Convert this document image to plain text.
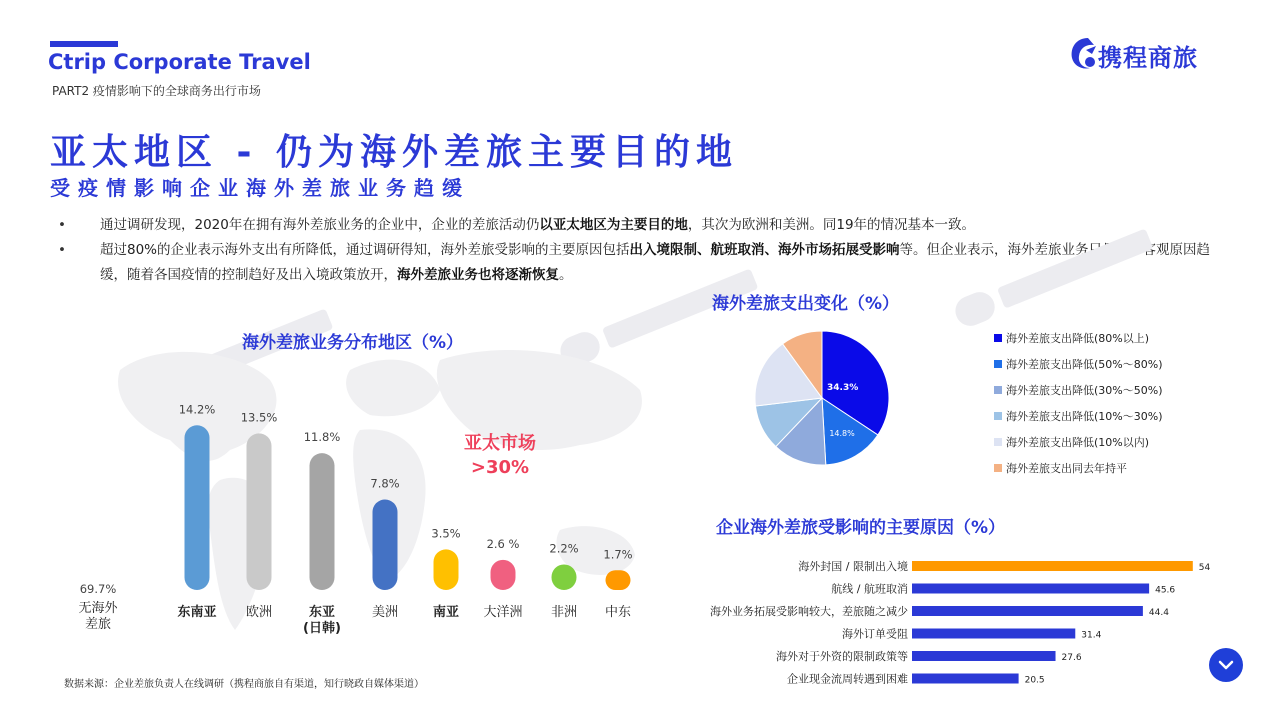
Ctrip Corporate Travel
PART2 疫情影响下的全球商务出行市场
携程商旅
亚太地区 - 仍为海外差旅主要目的地
受疫情影响企业海外差旅业务趋缓
• 通过调研发现，2020年在拥有海外差旅业务的企业中，企业的差旅活动仍以亚太地区为主要目的地，其次为欧洲和美洲。同19年的情况基本一致。
• 超过80%的企业表示海外支出有所降低，通过调研得知，海外差旅受影响的主要原因包括出入境限制、航班取消、海外市场拓展受影响等。但企业表示，海外差旅业务只是由于客观原因趋缓，随着各国疫情的控制趋好及出入境政策放开，海外差旅业务也将逐渐恢复。
海外差旅业务分布地区（%）
69.7%
无海外
差旅
14.2%
东南亚
13.5%
欧洲
11.8%
东亚
(日韩)
7.8%
美洲
3.5%
南亚
2.6 %
大洋洲
2.2%
非洲
1.7%
中东
亚太市场
>30%
海外差旅支出变化（%）
34.3%
14.8%
海外差旅支出降低(80%以上)
海外差旅支出降低(50%～80%)
海外差旅支出降低(30%～50%)
海外差旅支出降低(10%～30%)
海外差旅支出降低(10%以内)
海外差旅支出同去年持平
企业海外差旅受影响的主要原因（%）
海外封国 / 限制出入境	54
航线 / 航班取消	45.6
海外业务拓展受影响较大，差旅随之减少	44.4
海外订单受阻	31.4
海外对于外资的限制政策等	27.6
企业现金流周转遇到困难	20.5
数据来源：企业差旅负责人在线调研（携程商旅自有渠道，知行晓政自媒体渠道）
